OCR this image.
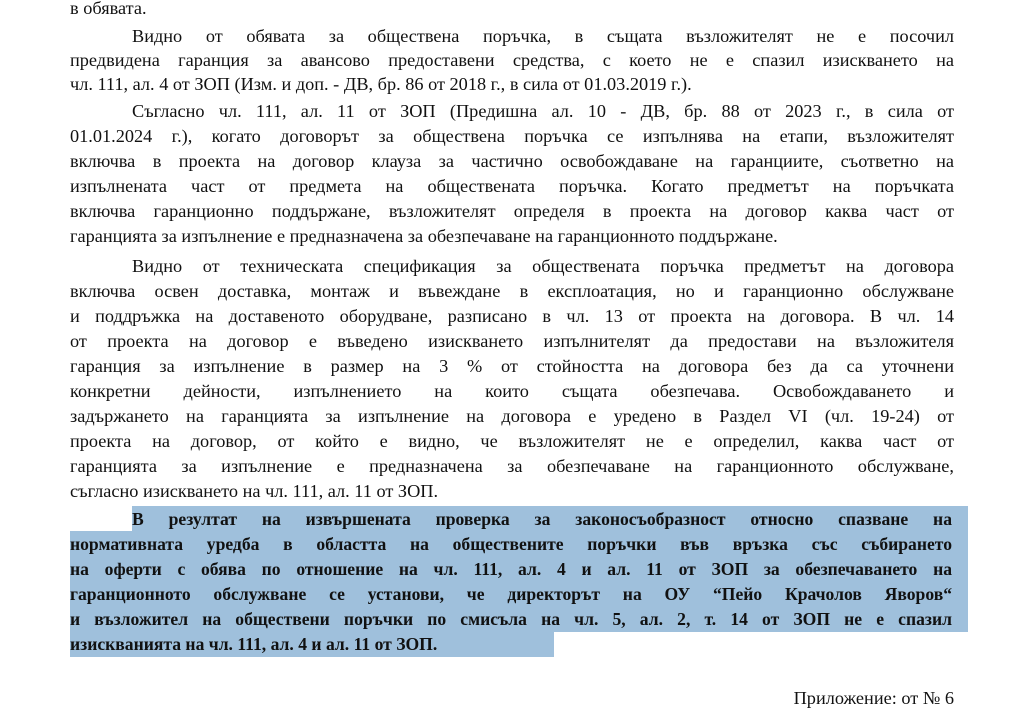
в обявата.
Видно от обявата за обществена поръчка, в същата възложителят не е посочил
предвидена гаранция за авансово предоставени средства, с което не е спазил изискването на
чл. 111, ал. 4 от ЗОП (Изм. и доп. - ДВ, бр. 86 от 2018 г., в сила от 01.03.2019 г.).
Съгласно чл. 111, ал. 11 от ЗОП (Предишна ал. 10 - ДВ, бр. 88 от 2023 г., в сила от
01.01.2024 г.), когато договорът за обществена поръчка се изпълнява на етапи, възложителят
включва в проекта на договор клауза за частично освобождаване на гаранциите, съответно на
изпълнената част от предмета на обществената поръчка. Когато предметът на поръчката
включва гаранционно поддържане, възложителят определя в проекта на договор каква част от
гаранцията за изпълнение е предназначена за обезпечаване на гаранционното поддържане.
Видно от техническата спецификация за обществената поръчка предметът на договора
включва освен доставка, монтаж и въвеждане в експлоатация, но и гаранционно обслужване
и поддръжка на доставеното оборудване, разписано в чл. 13 от проекта на договора. В чл. 14
от проекта на договор е въведено изискването изпълнителят да предостави на възложителя
гаранция за изпълнение в размер на 3 % от стойността на договора без да са уточнени
конкретни дейности, изпълнението на които същата обезпечава. Освобождаването и
задържането на гаранцията за изпълнение на договора е уредено в Раздел VI (чл. 19-24) от
проекта на договор, от който е видно, че възложителят не е определил, каква част от
гаранцията за изпълнение е предназначена за обезпечаване на гаранционното обслужване,
съгласно изискването на чл. 111, ал. 11 от ЗОП.
В резултат на извършената проверка за законосъобразност относно спазване на
нормативната уредба в областта на обществените поръчки във връзка със събирането
на оферти с обява по отношение на чл. 111, ал. 4 и ал. 11 от ЗОП за обезпечаването на
гаранционното обслужване се установи, че директорът на ОУ “Пейо Крачолов Яворов“
и възложител на обществени поръчки по смисъла на чл. 5, ал. 2, т. 14 от ЗОП не е спазил
изискванията на чл. 111, ал. 4 и ал. 11 от ЗОП.
Приложение: от № 6
